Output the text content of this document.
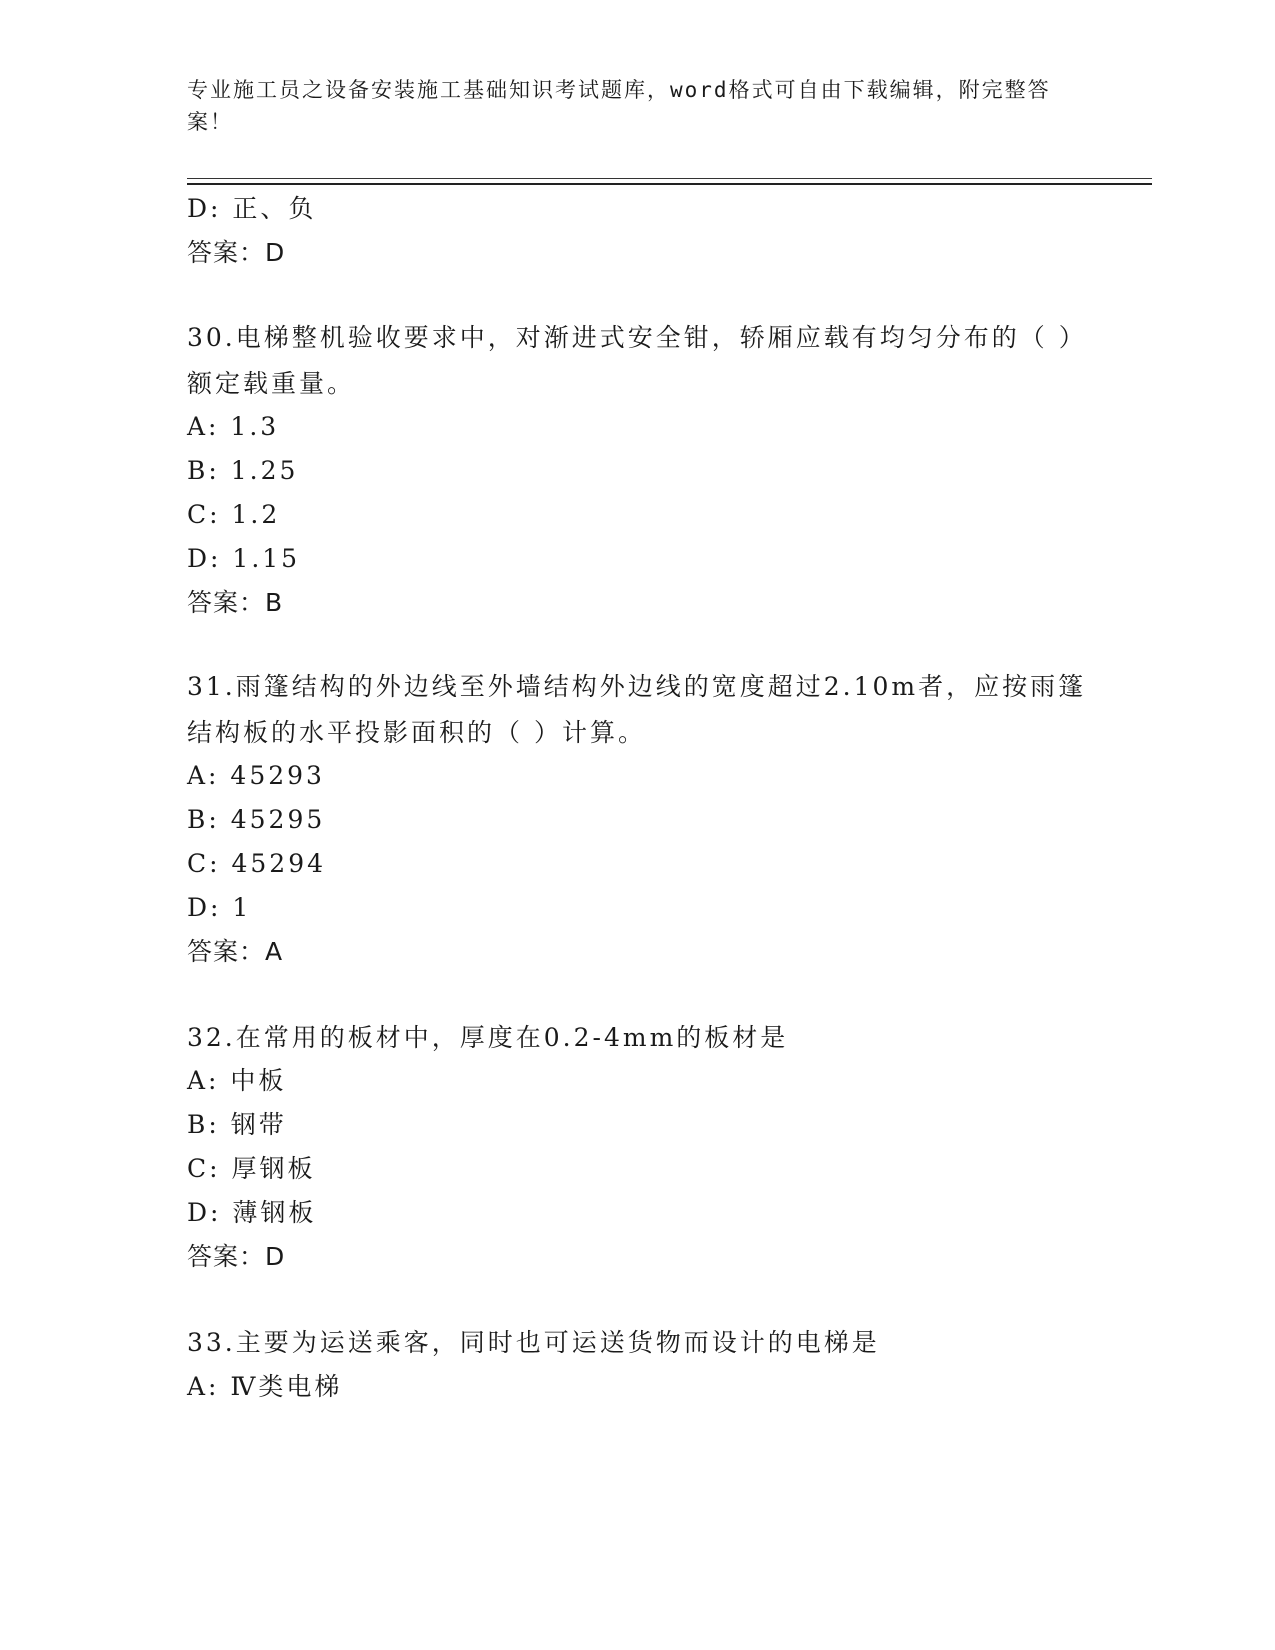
专业施工员之设备安装施工基础知识考试题库，word格式可自由下载编辑，附完整答案！
D: 正、负
答案：D
30.电梯整机验收要求中，对渐进式安全钳，轿厢应载有均匀分布的（ ）额定载重量。
A: 1.3
B: 1.25
C: 1.2
D: 1.15
答案：B
31.雨篷结构的外边线至外墙结构外边线的宽度超过2.10m者，应按雨篷结构板的水平投影面积的（ ）计算。
A: 45293
B: 45295
C: 45294
D: 1
答案：A
32.在常用的板材中，厚度在0.2-4mm的板材是
A: 中板
B: 钢带
C: 厚钢板
D: 薄钢板
答案：D
33.主要为运送乘客，同时也可运送货物而设计的电梯是
A: Ⅳ类电梯
